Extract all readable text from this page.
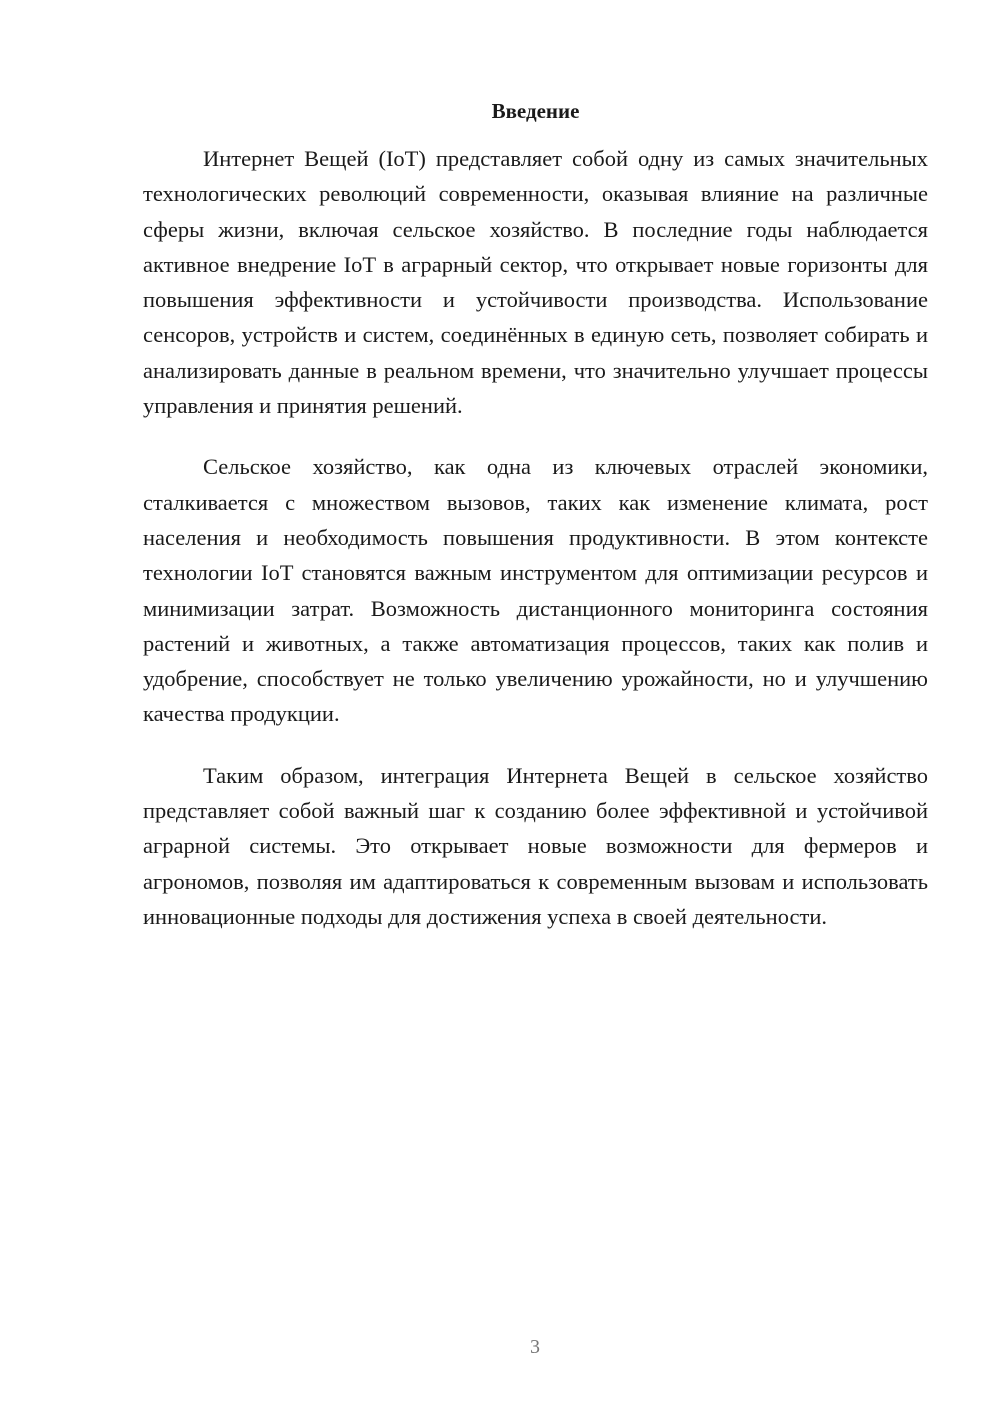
Введение

Интернет Вещей (IoT) представляет собой одну из самых значительных технологических революций современности, оказывая влияние на различные сферы жизни, включая сельское хозяйство. В последние годы наблюдается активное внедрение IoT в аграрный сектор, что открывает новые горизонты для повышения эффективности и устойчивости производства. Использование сенсоров, устройств и систем, соединённых в единую сеть, позволяет собирать и анализировать данные в реальном времени, что значительно улучшает процессы управления и принятия решений.

Сельское хозяйство, как одна из ключевых отраслей экономики, сталкивается с множеством вызовов, таких как изменение климата, рост населения и необходимость повышения продуктивности. В этом контексте технологии IoT становятся важным инструментом для оптимизации ресурсов и минимизации затрат. Возможность дистанционного мониторинга состояния растений и животных, а также автоматизация процессов, таких как полив и удобрение, способствует не только увеличению урожайности, но и улучшению качества продукции.

Таким образом, интеграция Интернета Вещей в сельское хозяйство представляет собой важный шаг к созданию более эффективной и устойчивой аграрной системы. Это открывает новые возможности для фермеров и агрономов, позволяя им адаптироваться к современным вызовам и использовать инновационные подходы для достижения успеха в своей деятельности.

3
